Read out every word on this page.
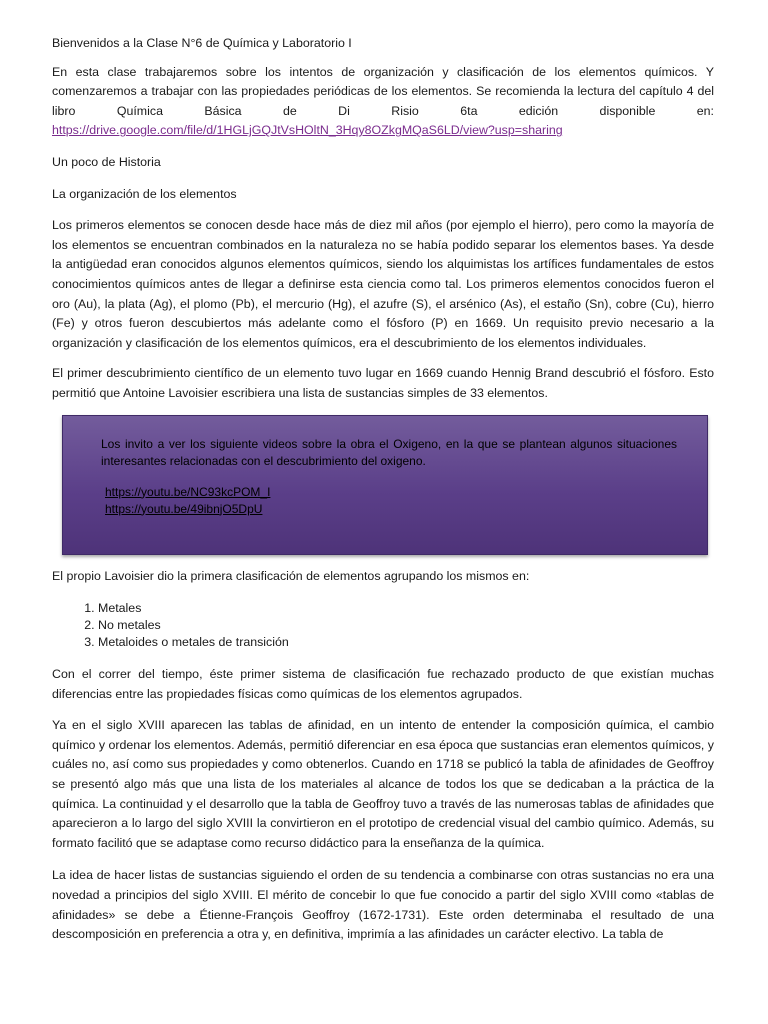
Bienvenidos a la Clase N°6 de Química y Laboratorio I

En esta clase trabajaremos sobre los intentos de organización y clasificación de los elementos químicos. Y comenzaremos a trabajar con las propiedades periódicas de los elementos. Se recomienda la lectura del capítulo 4 del libro Química Básica de Di Risio 6ta edición disponible en: https://drive.google.com/file/d/1HGLjGQJtVsHOltN_3Hqy8OZkgMQaS6LD/view?usp=sharing

Un poco de Historia

La organización de los elementos

Los primeros elementos se conocen desde hace más de diez mil años (por ejemplo el hierro), pero como la mayoría de los elementos se encuentran combinados en la naturaleza no se había podido separar los elementos bases. Ya desde la antigüedad eran conocidos algunos elementos químicos, siendo los alquimistas los artífices fundamentales de estos conocimientos químicos antes de llegar a definirse esta ciencia como tal. Los primeros elementos conocidos fueron el oro (Au), la plata (Ag), el plomo (Pb), el mercurio (Hg), el azufre (S), el arsénico (As), el estaño (Sn), cobre (Cu), hierro (Fe) y otros fueron descubiertos más adelante como el fósforo (P) en 1669. Un requisito previo necesario a la organización y clasificación de los elementos químicos, era el descubrimiento de los elementos individuales.

El primer descubrimiento científico de un elemento tuvo lugar en 1669 cuando Hennig Brand descubrió el fósforo. Esto permitió que Antoine Lavoisier escribiera una lista de sustancias simples de 33 elementos.

Los invito a ver los siguiente videos sobre la obra el Oxigeno, en la que se plantean algunos situaciones interesantes relacionadas con el descubrimiento del oxigeno.

https://youtu.be/NC93kcPOM_I
https://youtu.be/49ibnjO5DpU

El propio Lavoisier dio la primera clasificación de elementos agrupando los mismos en:

1. Metales
2. No metales
3. Metaloides o metales de transición

Con el correr del tiempo, éste primer sistema de clasificación fue rechazado producto de que existían muchas diferencias entre las propiedades físicas como químicas de los elementos agrupados.

Ya en el siglo XVIII aparecen las tablas de afinidad, en un intento de entender la composición química, el cambio químico y ordenar los elementos. Además, permitió diferenciar en esa época que sustancias eran elementos químicos, y cuáles no, así como sus propiedades y como obtenerlos. Cuando en 1718 se publicó la tabla de afinidades de Geoffroy se presentó algo más que una lista de los materiales al alcance de todos los que se dedicaban a la práctica de la química. La continuidad y el desarrollo que la tabla de Geoffroy tuvo a través de las numerosas tablas de afinidades que aparecieron a lo largo del siglo XVIII la convirtieron en el prototipo de credencial visual del cambio químico. Además, su formato facilitó que se adaptase como recurso didáctico para la enseñanza de la química.

La idea de hacer listas de sustancias siguiendo el orden de su tendencia a combinarse con otras sustancias no era una novedad a principios del siglo XVIII. El mérito de concebir lo que fue conocido a partir del siglo XVIII como «tablas de afinidades» se debe a Étienne-François Geoffroy (1672-1731). Este orden determinaba el resultado de una descomposición en preferencia a otra y, en definitiva, imprimía a las afinidades un carácter electivo. La tabla de
